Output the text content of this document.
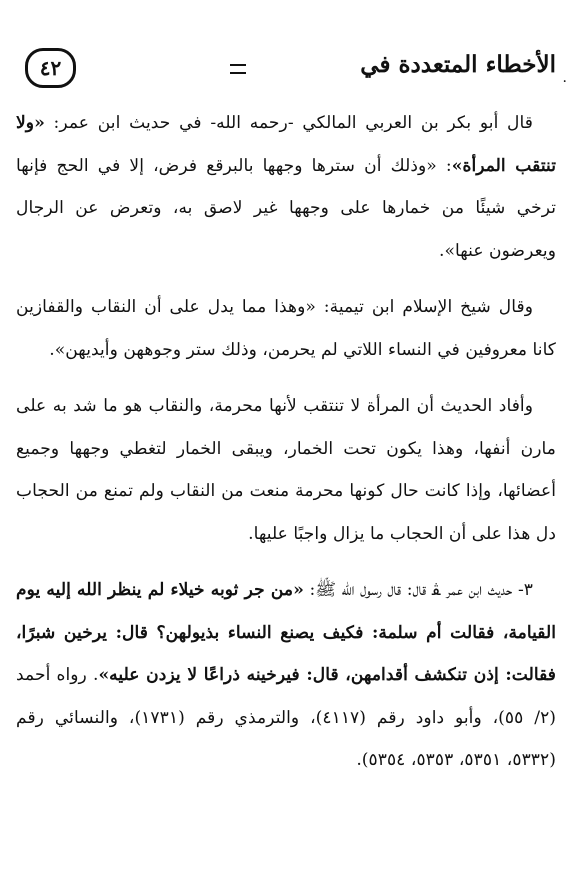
٤٢	الأخطاء المتعددة في

قال أبو بكر بن العربي المالكي -رحمه الله- في حديث ابن عمر: «ولا تنتقب المرأة»: «وذلك أن سترها وجهها بالبرقع فرض، إلا في الحج فإنها ترخي شيئًا من خمارها على وجهها غير لاصق به، وتعرض عن الرجال ويعرضون عنها».

وقال شيخ الإسلام ابن تيمية: «وهذا مما يدل على أن النقاب والقفازين كانا معروفين في النساء اللاتي لم يحرمن، وذلك ستر وجوههن وأيديهن».

وأفاد الحديث أن المرأة لا تنتقب لأنها محرمة، والنقاب هو ما شد به على مارن أنفها، وهذا يكون تحت الخمار، ويبقى الخمار لتغطي وجهها وجميع أعضائها، وإذا كانت حال كونها محرمة منعت من النقاب ولم تمنع من الحجاب دل هذا على أن الحجاب ما يزال واجبًا عليها.

٣- حديث ابن عمر ﭭ قال: قال رسول الله ﷺ: «من جر ثوبه خيلاء لم ينظر الله إليه يوم القيامة، فقالت أم سلمة: فكيف يصنع النساء بذيولهن؟ قال: يرخين شبرًا، فقالت: إذن تنكشف أقدامهن، قال: فيرخينه ذراعًا لا يزدن عليه». رواه أحمد (٢/ ٥٥)، وأبو داود رقم (٤١١٧)، والترمذي رقم (١٧٣١)، والنسائي رقم (٥٣٣٢، ٥٣٥١، ٥٣٥٣، ٥٣٥٤).

·
